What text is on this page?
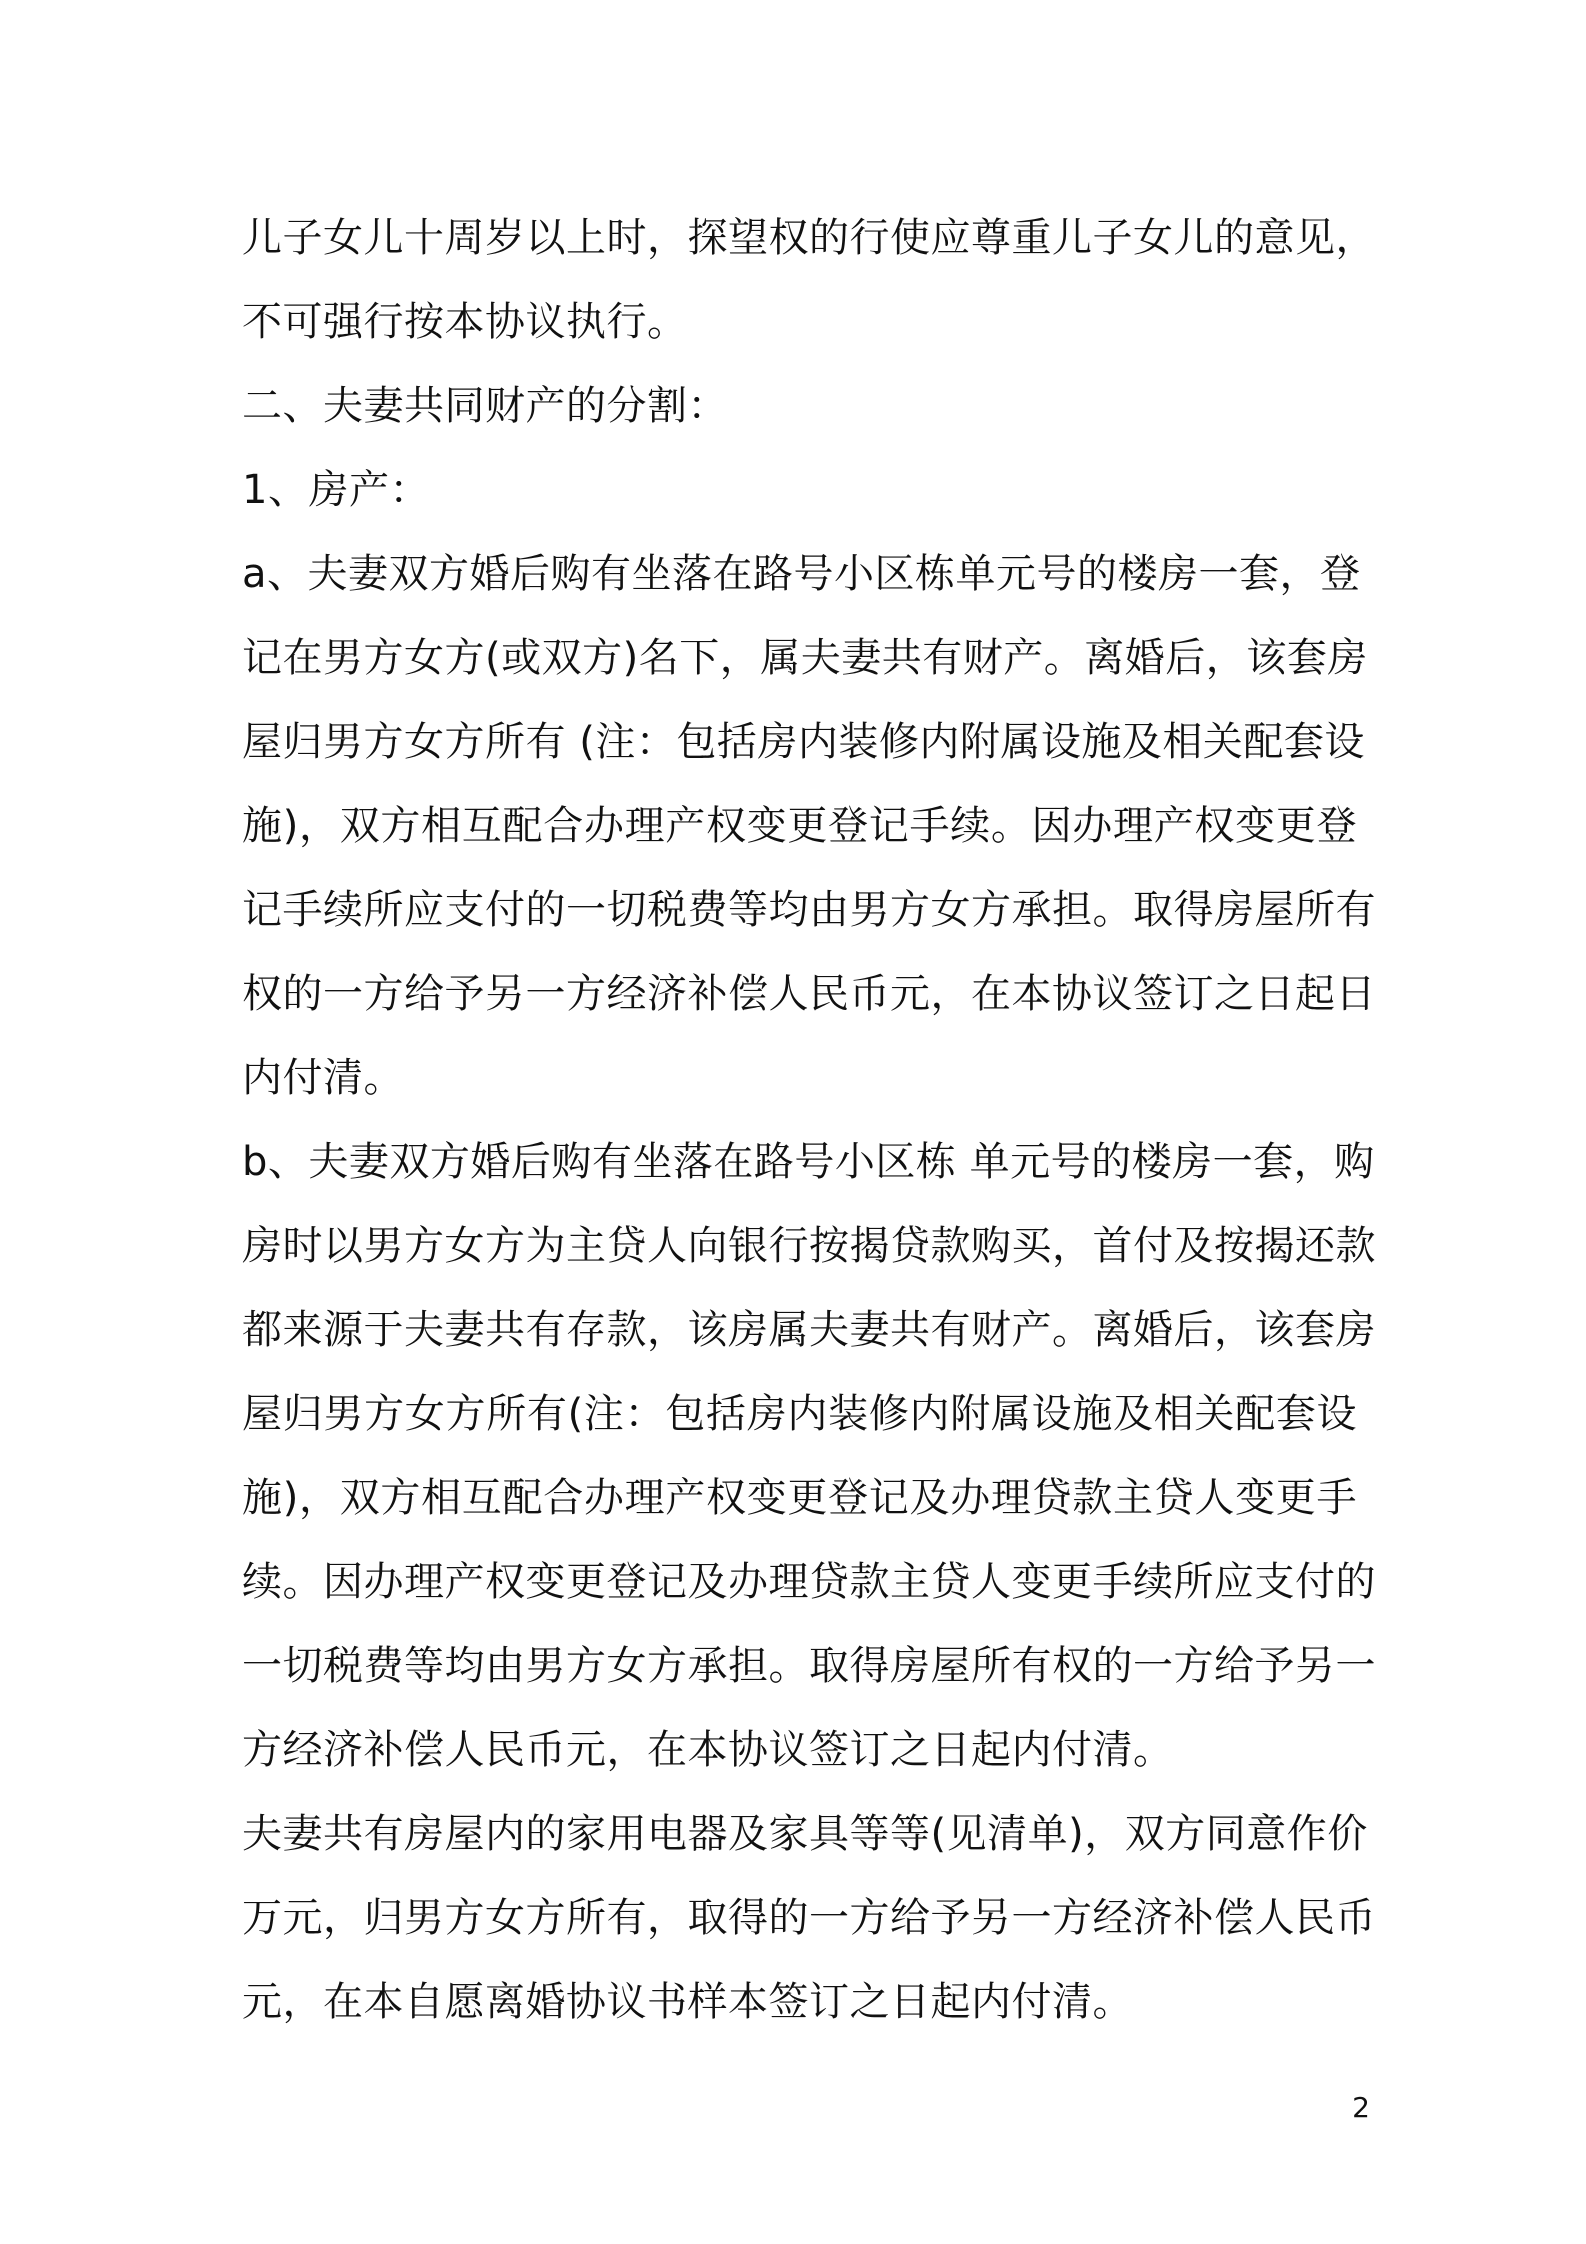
儿子女儿十周岁以上时，探望权的行使应尊重儿子女儿的意见，
不可强行按本协议执行。
二、夫妻共同财产的分割：
1、房产：
a、夫妻双方婚后购有坐落在路号小区栋单元号的楼房一套，登
记在男方女方(或双方)名下，属夫妻共有财产。离婚后，该套房
屋归男方女方所有 (注：包括房内装修内附属设施及相关配套设
施)，双方相互配合办理产权变更登记手续。因办理产权变更登
记手续所应支付的一切税费等均由男方女方承担。取得房屋所有
权的一方给予另一方经济补偿人民币元，在本协议签订之日起日
内付清。
b、夫妻双方婚后购有坐落在路号小区栋 单元号的楼房一套，购
房时以男方女方为主贷人向银行按揭贷款购买，首付及按揭还款
都来源于夫妻共有存款，该房属夫妻共有财产。离婚后，该套房
屋归男方女方所有(注：包括房内装修内附属设施及相关配套设
施)，双方相互配合办理产权变更登记及办理贷款主贷人变更手
续。因办理产权变更登记及办理贷款主贷人变更手续所应支付的
一切税费等均由男方女方承担。取得房屋所有权的一方给予另一
方经济补偿人民币元，在本协议签订之日起内付清。
夫妻共有房屋内的家用电器及家具等等(见清单)，双方同意作价
万元，归男方女方所有，取得的一方给予另一方经济补偿人民币
元，在本自愿离婚协议书样本签订之日起内付清。
2
